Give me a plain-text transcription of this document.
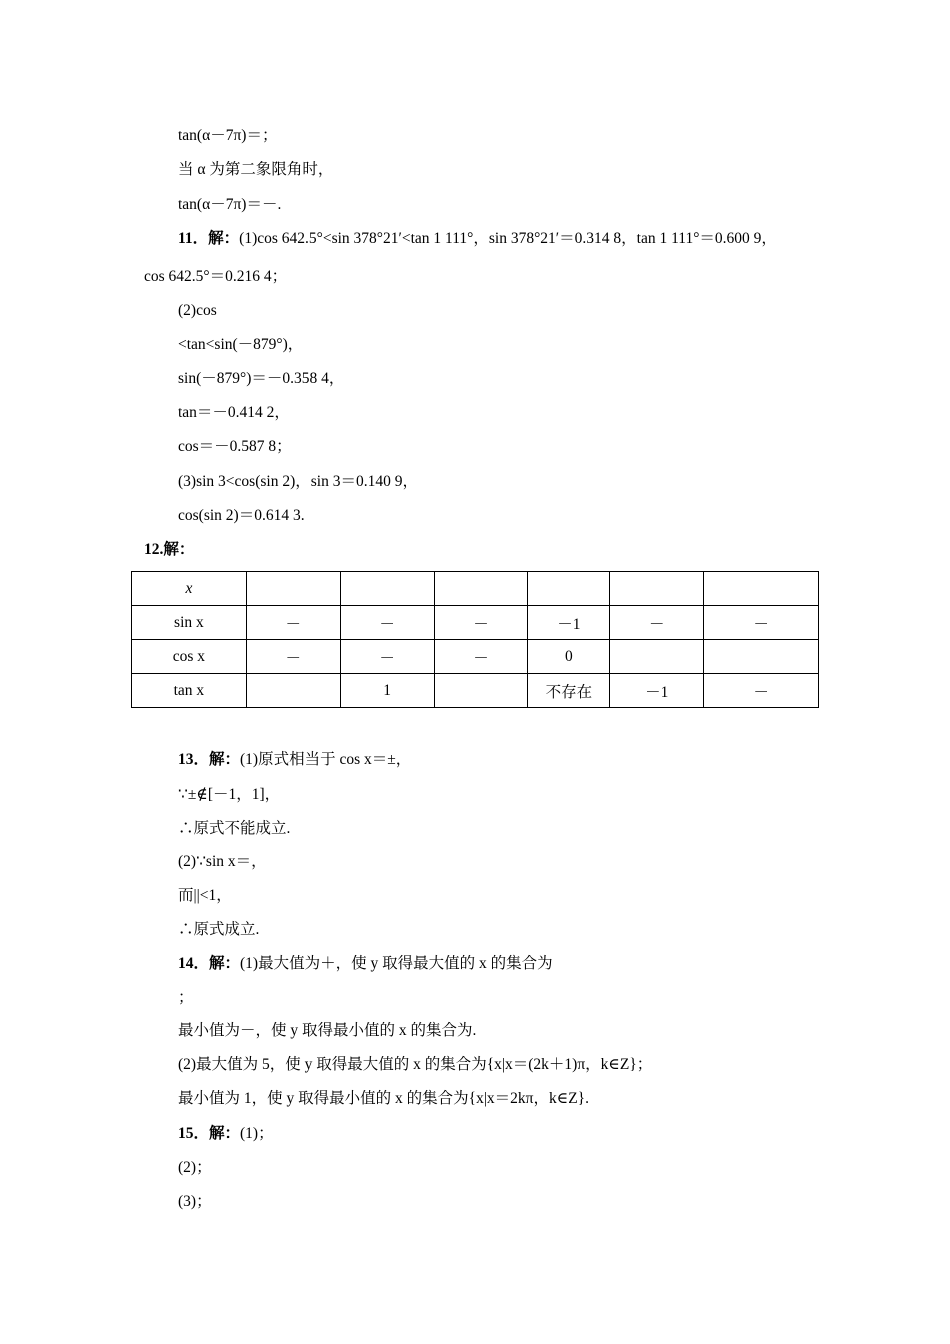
tan(α－7π)＝；
当 α 为第二象限角时，
tan(α－7π)＝－.
11．解：(1)cos 642.5°<sin 378°21′<tan 1 111°，sin 378°21′＝0.314 8，tan 1 111°＝0.600 9，
cos 642.5°＝0.216 4；
(2)cos
<tan<sin(－879°)，
sin(－879°)＝－0.358 4，
tan＝－0.414 2，
cos＝－0.587 8；
(3)sin 3<cos(sin 2)，sin 3＝0.140 9，
cos(sin 2)＝0.614 3.
12.解：
x						
sin x	－	－	－	－1	－	－
cos x	－	－	－	0		
tan x		1		不存在	－1	－
13．解：(1)原式相当于 cos x＝±，
∵±∉[－1，1]，
∴原式不能成立.
(2)∵sin x＝，
而||<1，
∴原式成立.
14．解：(1)最大值为＋，使 y 取得最大值的 x 的集合为
；
最小值为－，使 y 取得最小值的 x 的集合为.
(2)最大值为 5，使 y 取得最大值的 x 的集合为{x|x＝(2k＋1)π，k∈Z}；
最小值为 1，使 y 取得最小值的 x 的集合为{x|x＝2kπ，k∈Z}.
15．解：(1)；
(2)；
(3)；
